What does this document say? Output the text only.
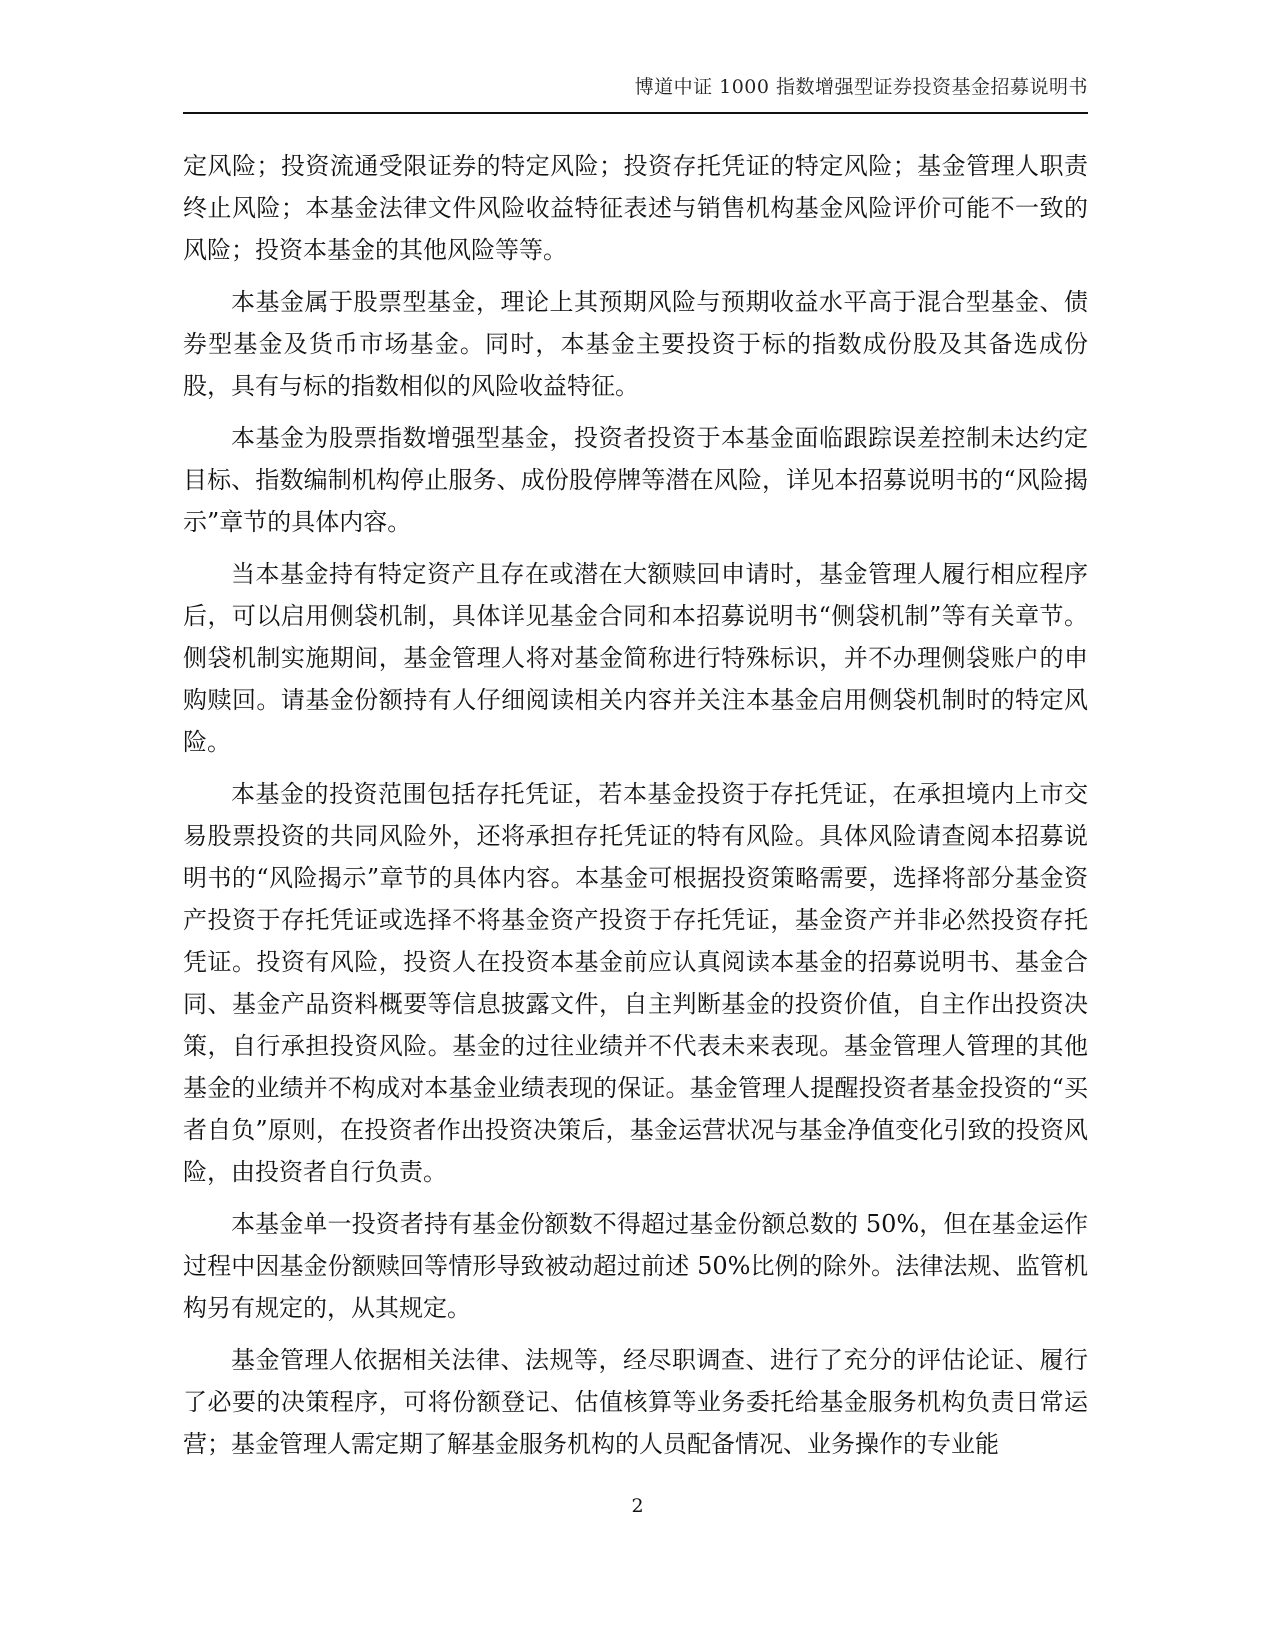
博道中证 1000 指数增强型证券投资基金招募说明书

定风险；投资流通受限证券的特定风险；投资存托凭证的特定风险；基金管理人职责终止风险；本基金法律文件风险收益特征表述与销售机构基金风险评价可能不一致的风险；投资本基金的其他风险等等。

本基金属于股票型基金，理论上其预期风险与预期收益水平高于混合型基金、债券型基金及货币市场基金。同时，本基金主要投资于标的指数成份股及其备选成份股，具有与标的指数相似的风险收益特征。

本基金为股票指数增强型基金，投资者投资于本基金面临跟踪误差控制未达约定目标、指数编制机构停止服务、成份股停牌等潜在风险，详见本招募说明书的“风险揭示”章节的具体内容。

当本基金持有特定资产且存在或潜在大额赎回申请时，基金管理人履行相应程序后，可以启用侧袋机制，具体详见基金合同和本招募说明书“侧袋机制”等有关章节。侧袋机制实施期间，基金管理人将对基金简称进行特殊标识，并不办理侧袋账户的申购赎回。请基金份额持有人仔细阅读相关内容并关注本基金启用侧袋机制时的特定风险。

本基金的投资范围包括存托凭证，若本基金投资于存托凭证，在承担境内上市交易股票投资的共同风险外，还将承担存托凭证的特有风险。具体风险请查阅本招募说明书的“风险揭示”章节的具体内容。本基金可根据投资策略需要，选择将部分基金资产投资于存托凭证或选择不将基金资产投资于存托凭证，基金资产并非必然投资存托凭证。投资有风险，投资人在投资本基金前应认真阅读本基金的招募说明书、基金合同、基金产品资料概要等信息披露文件，自主判断基金的投资价值，自主作出投资决策，自行承担投资风险。基金的过往业绩并不代表未来表现。基金管理人管理的其他基金的业绩并不构成对本基金业绩表现的保证。基金管理人提醒投资者基金投资的“买者自负”原则，在投资者作出投资决策后，基金运营状况与基金净值变化引致的投资风险，由投资者自行负责。

本基金单一投资者持有基金份额数不得超过基金份额总数的 50%，但在基金运作过程中因基金份额赎回等情形导致被动超过前述 50%比例的除外。法律法规、监管机构另有规定的，从其规定。

基金管理人依据相关法律、法规等，经尽职调查、进行了充分的评估论证、履行了必要的决策程序，可将份额登记、估值核算等业务委托给基金服务机构负责日常运营；基金管理人需定期了解基金服务机构的人员配备情况、业务操作的专业能

2
